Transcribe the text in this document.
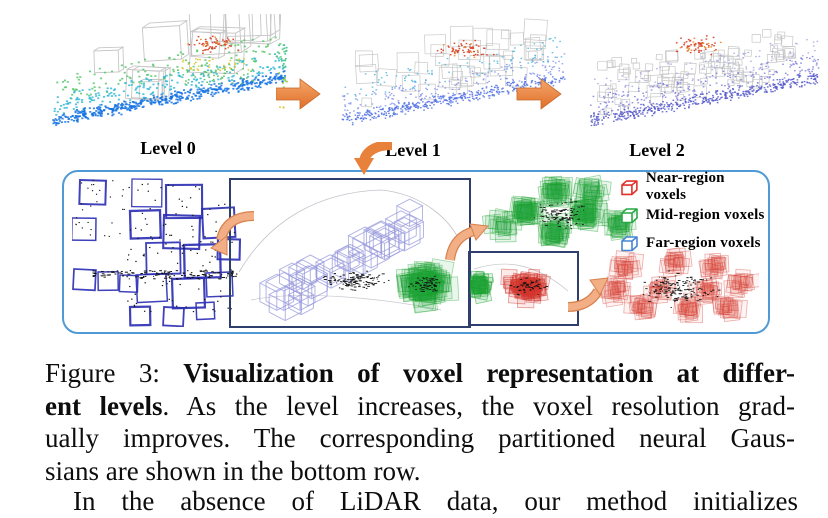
Level 0	Level 1	Level 2
Near-region voxels
Mid-region voxels
Far-region voxels
Figure 3: Visualization of voxel representation at differ-
ent levels. As the level increases, the voxel resolution grad-
ually improves. The corresponding partitioned neural Gaus-
sians are shown in the bottom row.
In the absence of LiDAR data, our method initializes
